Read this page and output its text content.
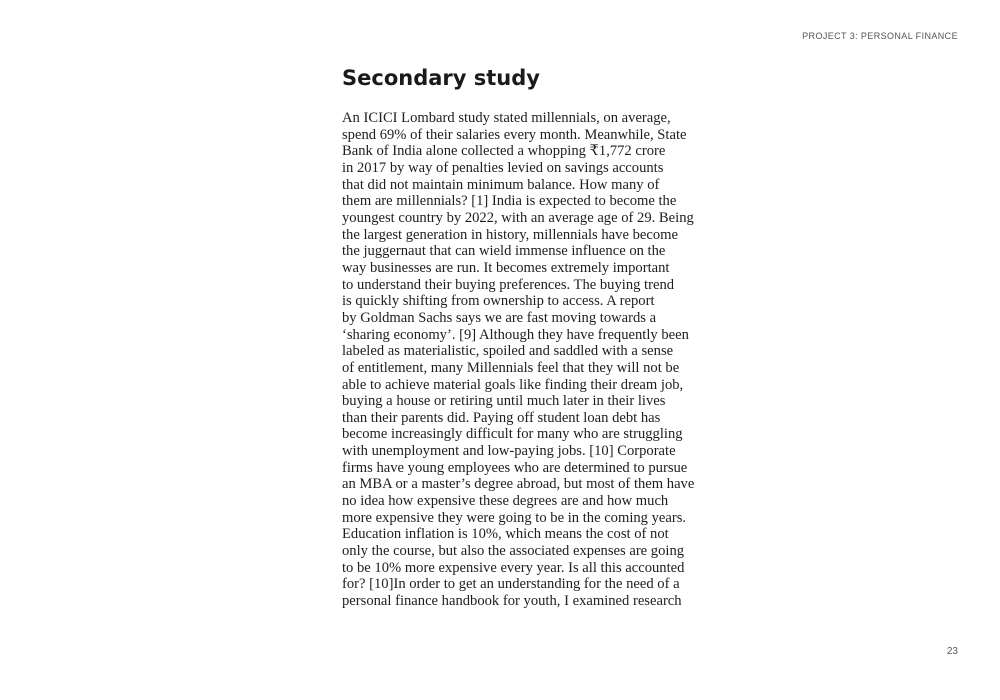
PROJECT 3: PERSONAL FINANCE

Secondary study
An ICICI Lombard study stated millennials, on average,
spend 69% of their salaries every month. Meanwhile, State
Bank of India alone collected a whopping ₹1,772 crore
in 2017 by way of penalties levied on savings accounts
that did not maintain minimum balance. How many of
them are millennials? [1] India is expected to become the
youngest country by 2022, with an average age of 29. Being
the largest generation in history, millennials have become
the juggernaut that can wield immense influence on the
way businesses are run. It becomes extremely important
to understand their buying preferences. The buying trend
is quickly shifting from ownership to access. A report
by Goldman Sachs says we are fast moving towards a
‘sharing economy’. [9] Although they have frequently been
labeled as materialistic, spoiled and saddled with a sense
of entitlement, many Millennials feel that they will not be
able to achieve material goals like finding their dream job,
buying a house or retiring until much later in their lives
than their parents did. Paying off student loan debt has
become increasingly difficult for many who are struggling
with unemployment and low-paying jobs. [10] Corporate
firms have young employees who are determined to pursue
an MBA or a master’s degree abroad, but most of them have
no idea how expensive these degrees are and how much
more expensive they were going to be in the coming years.
Education inflation is 10%, which means the cost of not
only the course, but also the associated expenses are going
to be 10% more expensive every year. Is all this accounted
for? [10]In order to get an understanding for the need of a
personal finance handbook for youth, I examined research

23
